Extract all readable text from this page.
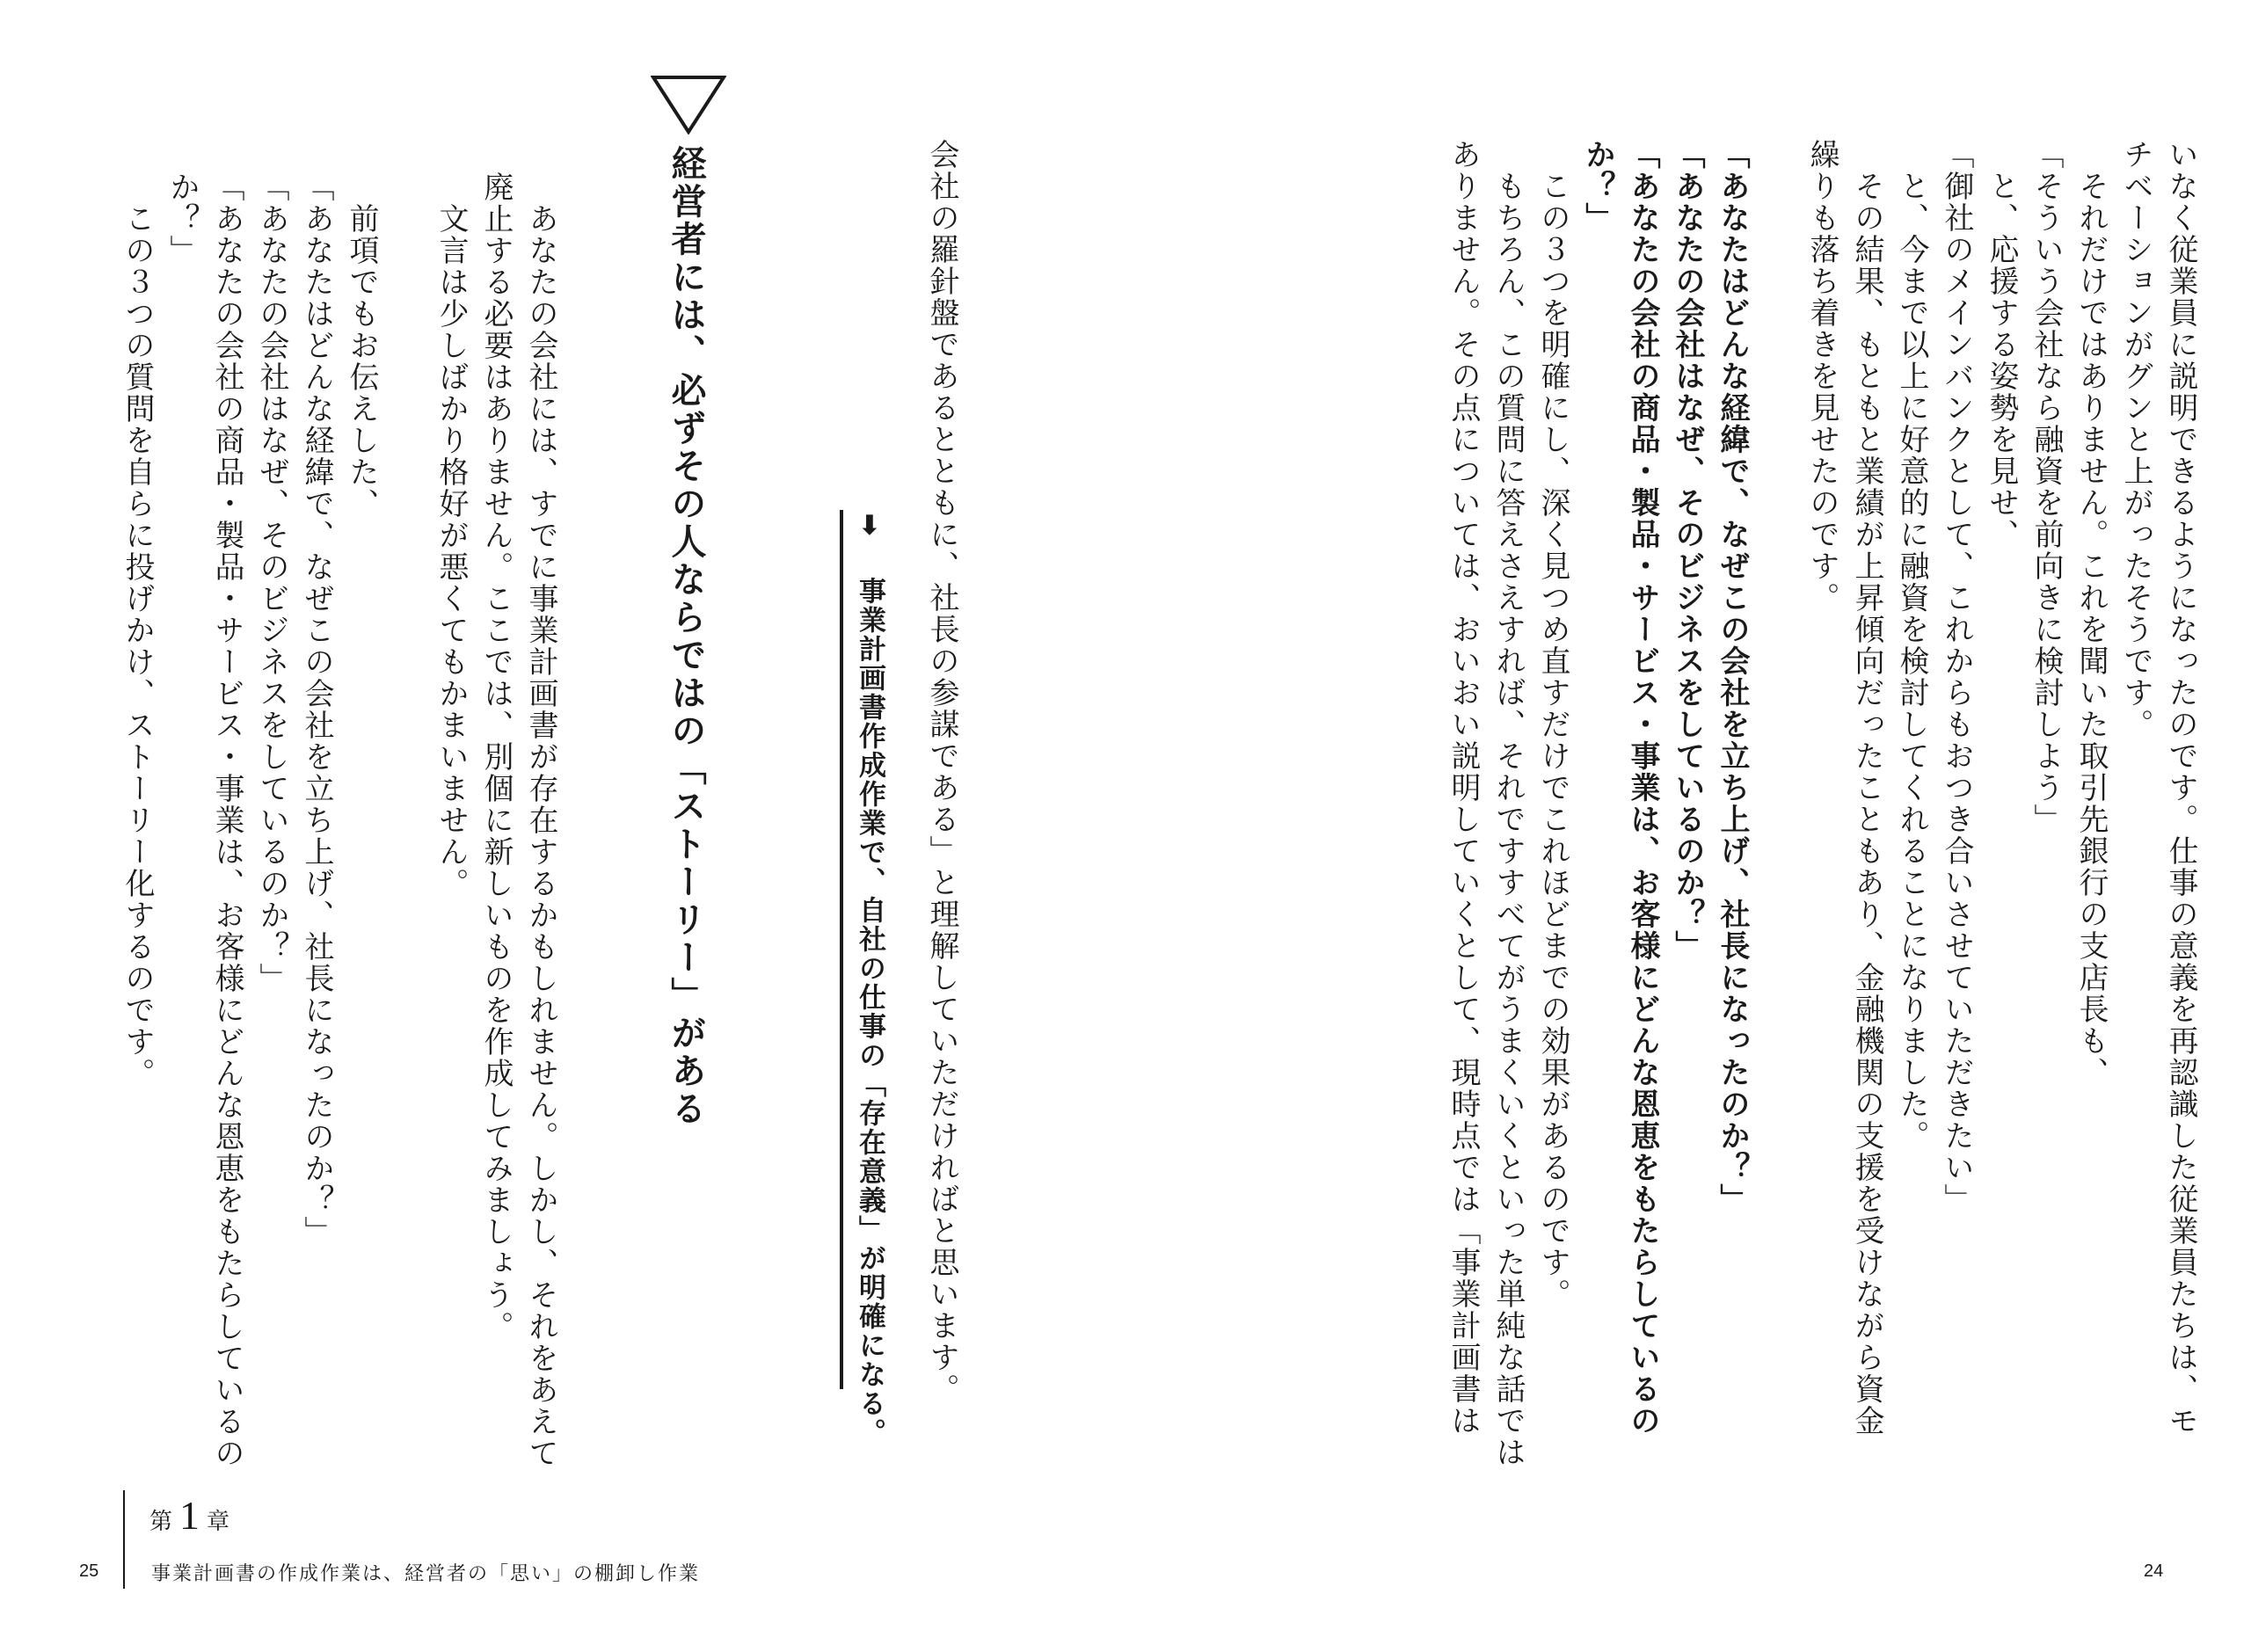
いなく従業員に説明できるようになったのです。仕事の意義を再認識した従業員たちは、モ

チベーションがグンと上がったそうです。

　それだけではありません。これを聞いた取引先銀行の支店長も、

「そういう会社なら融資を前向きに検討しよう」

　と、応援する姿勢を見せ、

「御社のメインバンクとして、これからもおつき合いさせていただきたい」

　と、今まで以上に好意的に融資を検討してくれることになりました。

　その結果、もともと業績が上昇傾向だったこともあり、金融機関の支援を受けながら資金

繰りも落ち着きを見せたのです。

「あなたはどんな経緯で、なぜこの会社を立ち上げ、社長になったのか？」

「あなたの会社はなぜ、そのビジネスをしているのか？」

「あなたの会社の商品・製品・サービス・事業は、お客様にどんな恩恵をもたらしているの

か？」

　この３つを明確にし、深く見つめ直すだけでこれほどまでの効果があるのです。

　もちろん、この質問に答えさえすれば、それですすべてがうまくいくといった単純な話では

ありません。その点については、おいおい説明していくとして、現時点では「事業計画書は

会社の羅針盤であるとともに、社長の参謀である」と理解していただければと思います。

⬇ 事業計画書作成作業で、自社の仕事の「存在意義」が明確になる。
経営者には、必ずその人ならではの「ストーリー」がある

　あなたの会社には、すでに事業計画書が存在するかもしれません。しかし、それをあえて

廃止する必要はありません。ここでは、別個に新しいものを作成してみましょう。

　文言は少しばかり格好が悪くてもかまいません。

　前項でもお伝えした、

「あなたはどんな経緯で、なぜこの会社を立ち上げ、社長になったのか？」

「あなたの会社はなぜ、そのビジネスをしているのか？」

「あなたの会社の商品・製品・サービス・事業は、お客様にどんな恩恵をもたらしているの

か？」

　この３つの質問を自らに投げかけ、ストーリー化するのです。

25
第 1 章
事業計画書の作成作業は、経営者の「思い」の棚卸し作業	24
